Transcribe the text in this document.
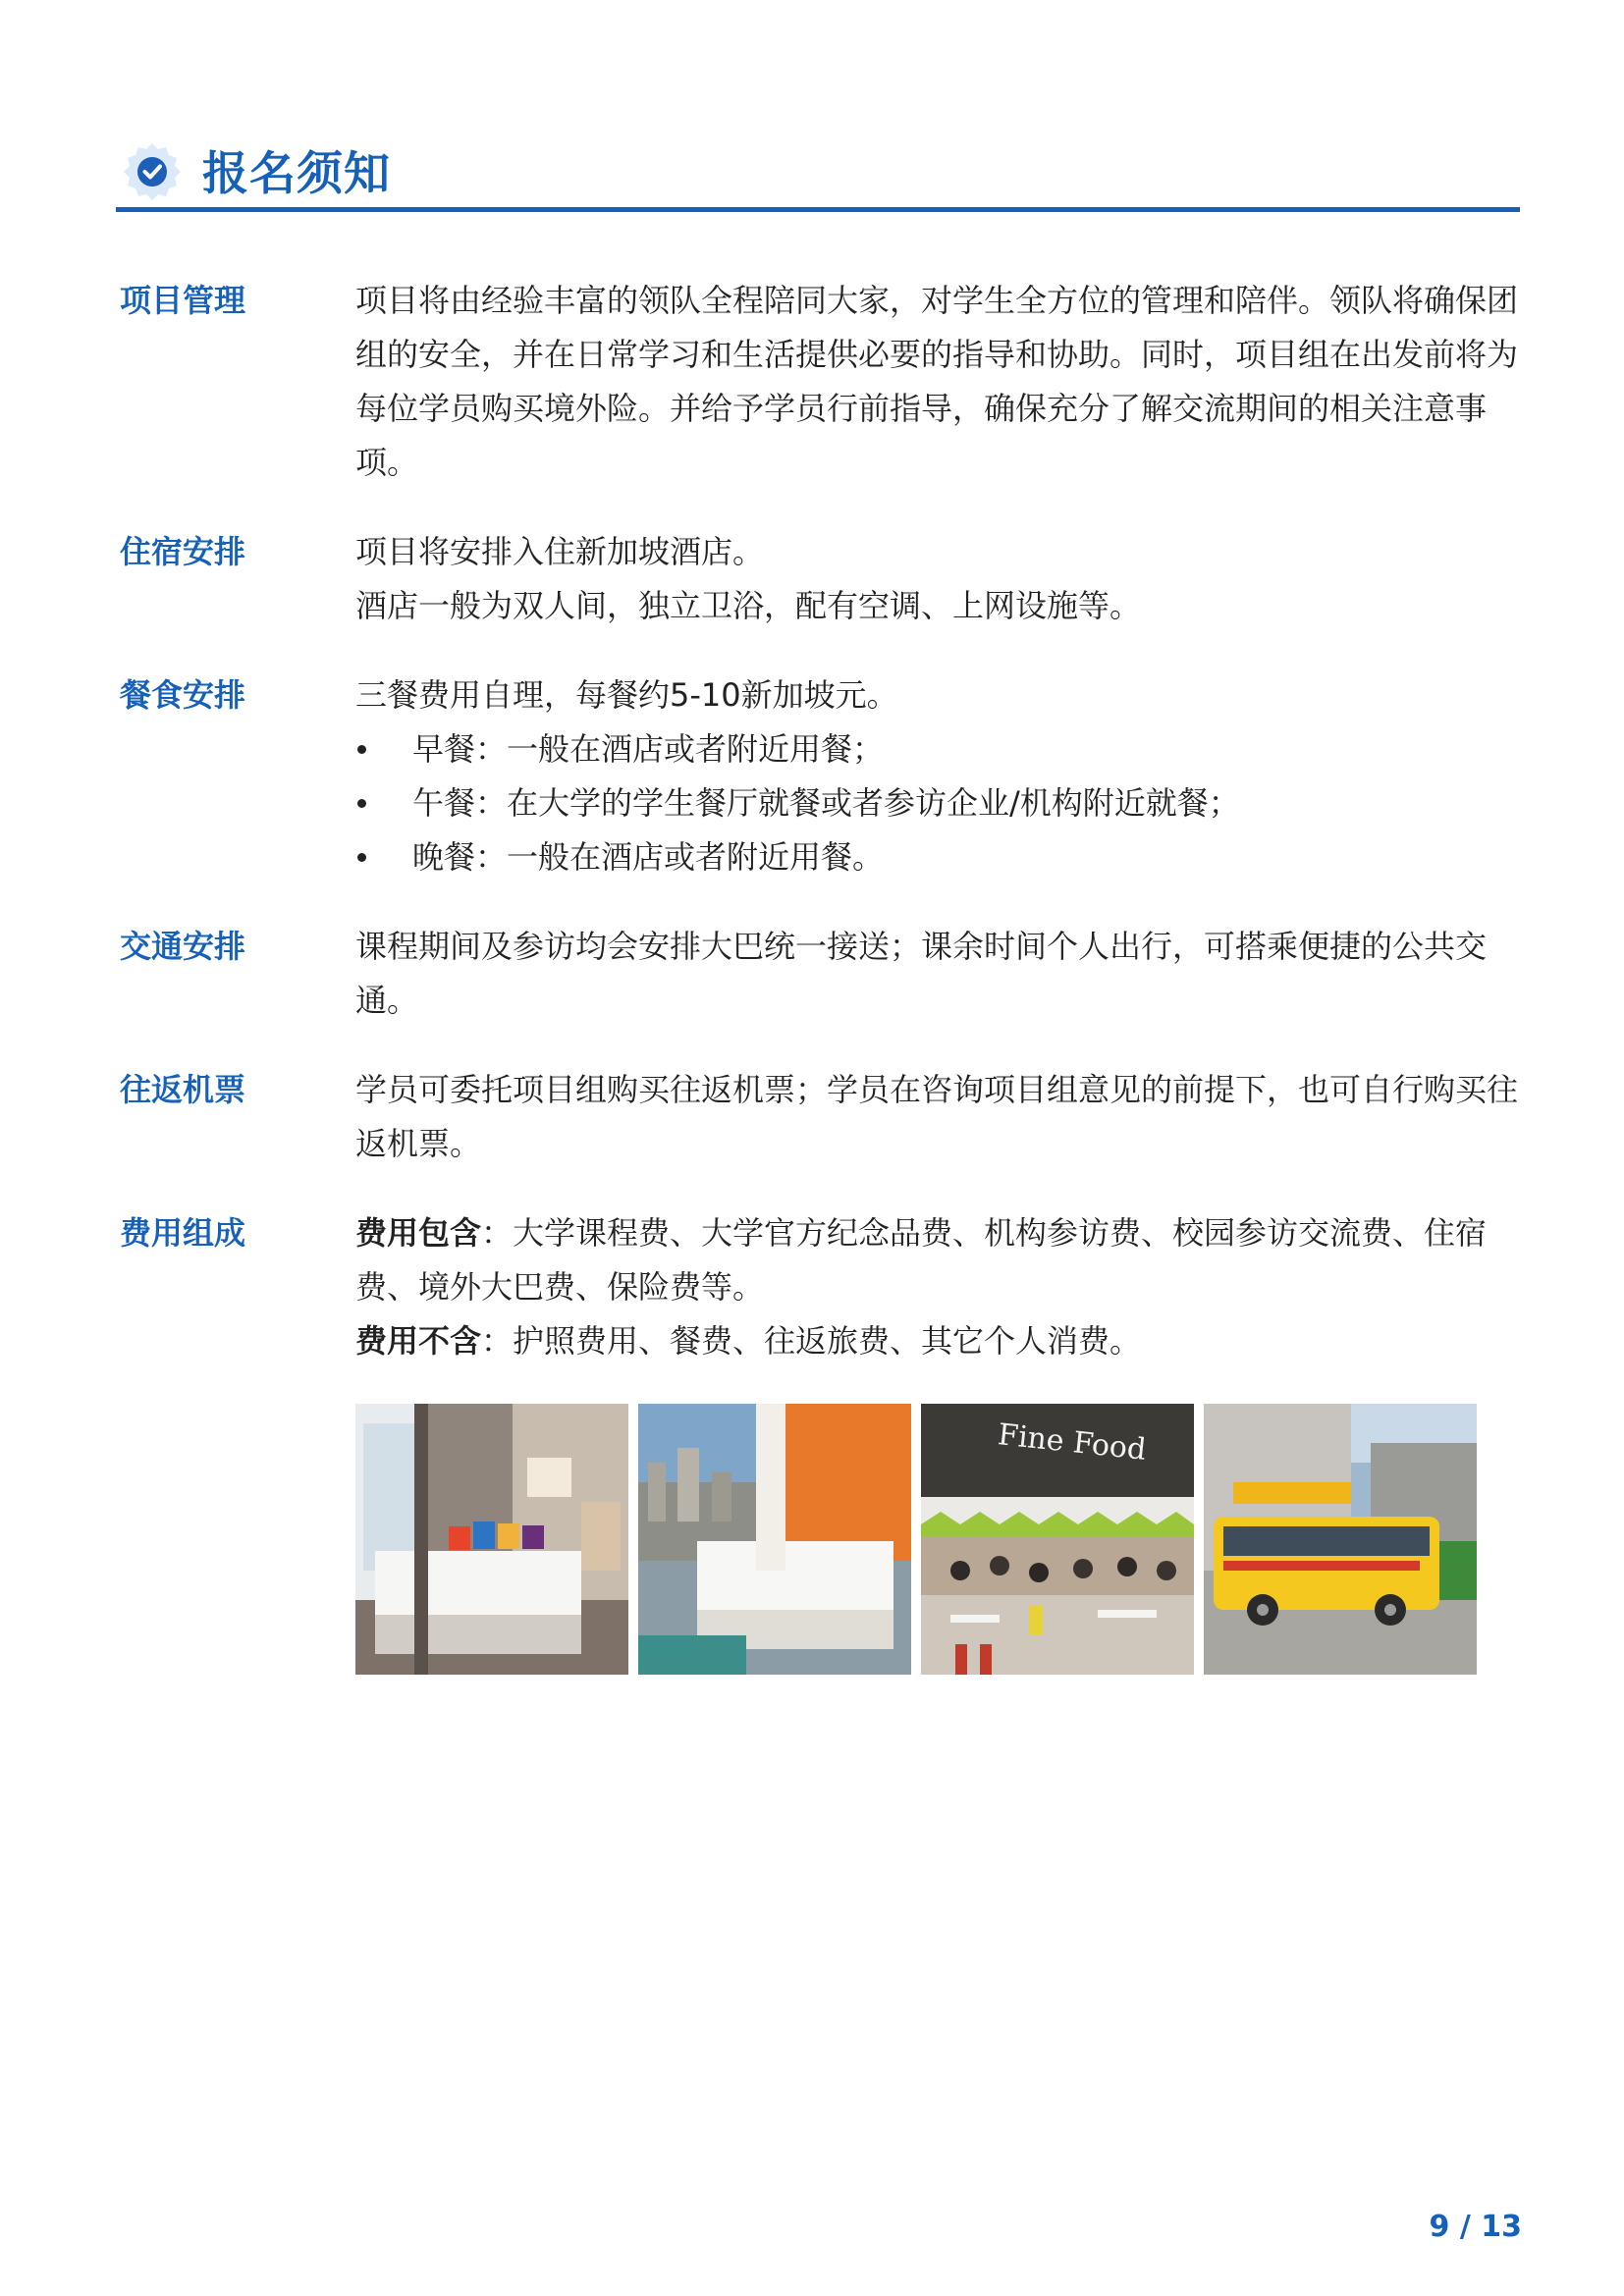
报名须知
项目管理	项目将由经验丰富的领队全程陪同大家，对学生全方位的管理和陪伴。领队将确保团组的安全，并在日常学习和生活提供必要的指导和协助。同时，项目组在出发前将为每位学员购买境外险。并给予学员行前指导，确保充分了解交流期间的相关注意事项。

住宿安排	项目将安排入住新加坡酒店。

酒店一般为双人间，独立卫浴，配有空调、上网设施等。

餐食安排	三餐费用自理，每餐约5-10新加坡元。

早餐：一般在酒店或者附近用餐；
午餐：在大学的学生餐厅就餐或者参访企业/机构附近就餐；
晚餐：一般在酒店或者附近用餐。
交通安排	课程期间及参访均会安排大巴统一接送；课余时间个人出行，可搭乘便捷的公共交通。

往返机票	学员可委托项目组购买往返机票；学员在咨询项目组意见的前提下，也可自行购买往返机票。

费用组成	费用包含：大学课程费、大学官方纪念品费、机构参访费、校园参访交流费、住宿费、境外大巴费、保险费等。

费用不含：护照费用、餐费、往返旅费、其它个人消费。

Fine Food
9 / 13
